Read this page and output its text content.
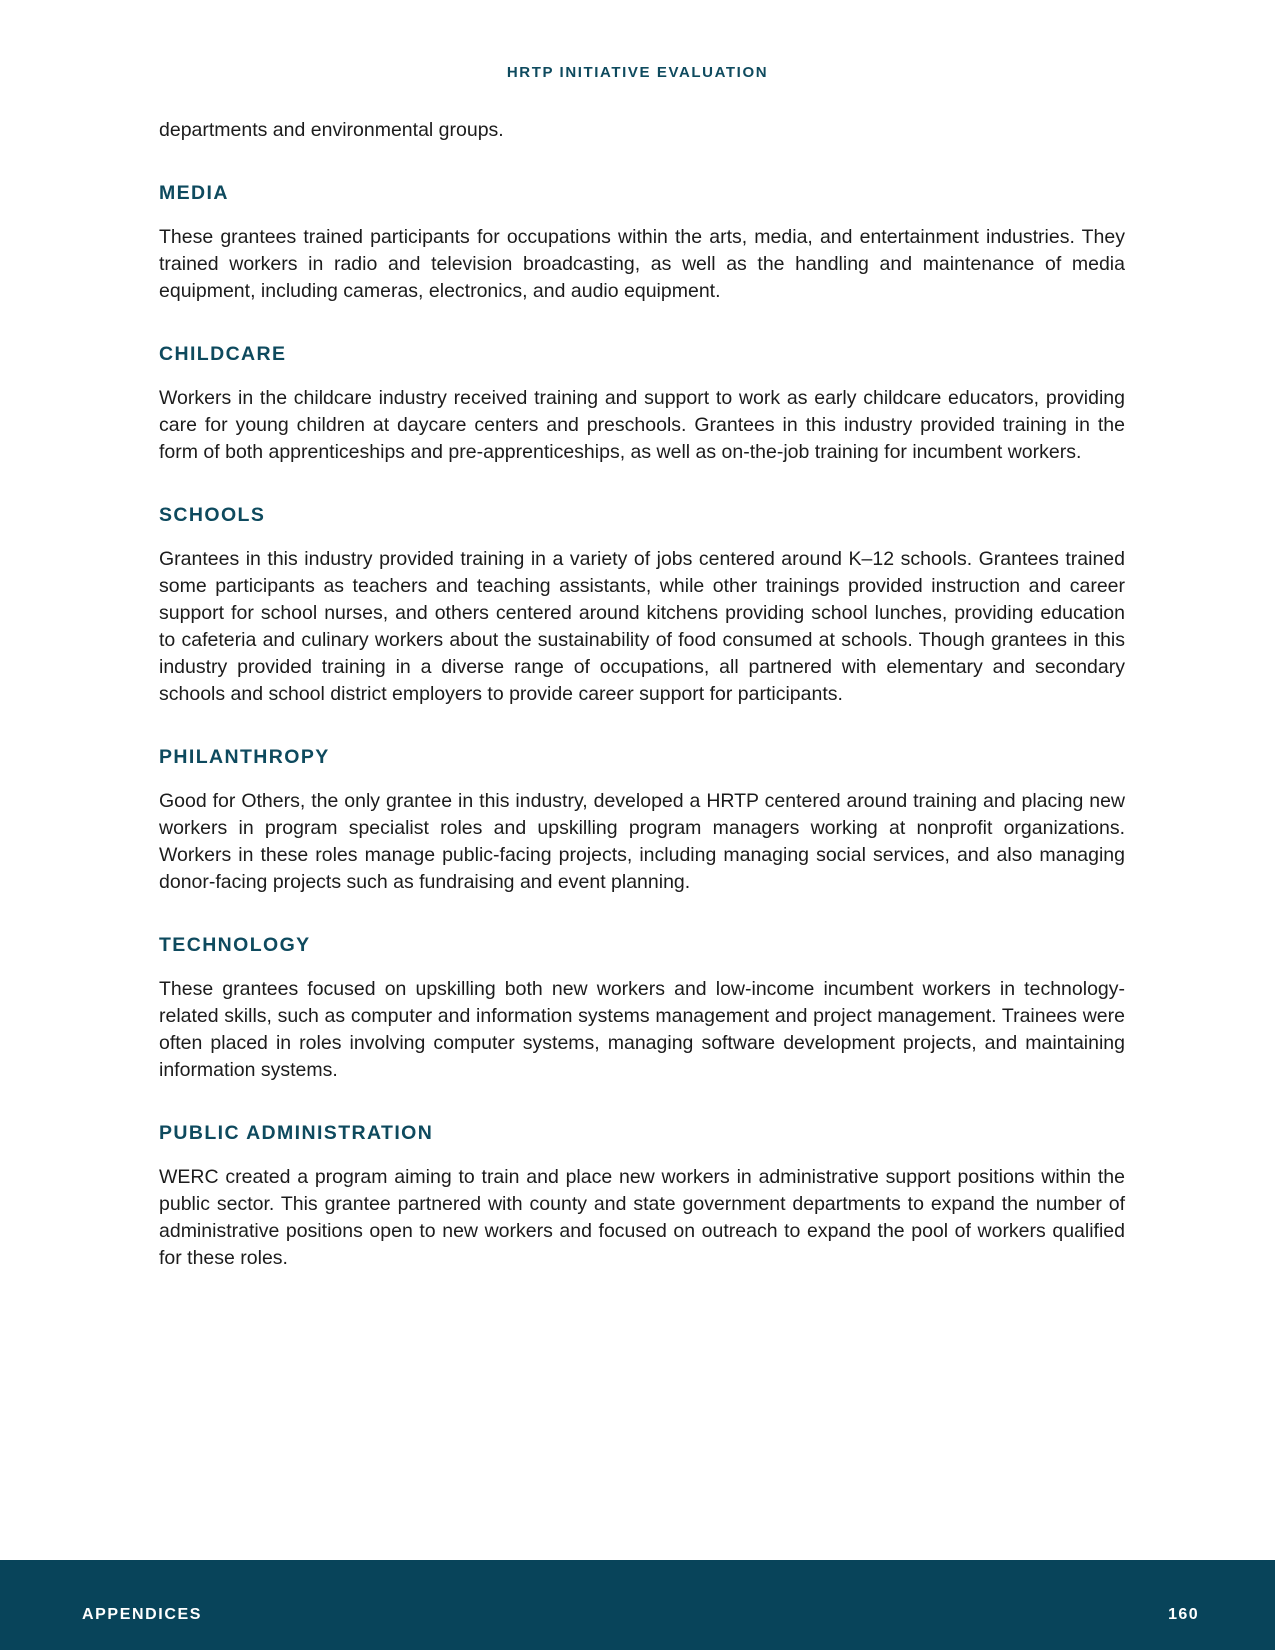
HRTP INITIATIVE EVALUATION

departments and environmental groups.

MEDIA

These grantees trained participants for occupations within the arts, media, and entertainment industries. They trained workers in radio and television broadcasting, as well as the handling and maintenance of media equipment, including cameras, electronics, and audio equipment.

CHILDCARE

Workers in the childcare industry received training and support to work as early childcare educators, providing care for young children at daycare centers and preschools. Grantees in this industry provided training in the form of both apprenticeships and pre-apprenticeships, as well as on-the-job training for incumbent workers.

SCHOOLS

Grantees in this industry provided training in a variety of jobs centered around K–12 schools. Grantees trained some participants as teachers and teaching assistants, while other trainings provided instruction and career support for school nurses, and others centered around kitchens providing school lunches, providing education to cafeteria and culinary workers about the sustainability of food consumed at schools. Though grantees in this industry provided training in a diverse range of occupations, all partnered with elementary and secondary schools and school district employers to provide career support for participants.

PHILANTHROPY

Good for Others, the only grantee in this industry, developed a HRTP centered around training and placing new workers in program specialist roles and upskilling program managers working at nonprofit organizations. Workers in these roles manage public-facing projects, including managing social services, and also managing donor-facing projects such as fundraising and event planning.

TECHNOLOGY

These grantees focused on upskilling both new workers and low-income incumbent workers in technology-related skills, such as computer and information systems management and project management. Trainees were often placed in roles involving computer systems, managing software development projects, and maintaining information systems.

PUBLIC ADMINISTRATION

WERC created a program aiming to train and place new workers in administrative support positions within the public sector. This grantee partnered with county and state government departments to expand the number of administrative positions open to new workers and focused on outreach to expand the pool of workers qualified for these roles.

APPENDICES	160
